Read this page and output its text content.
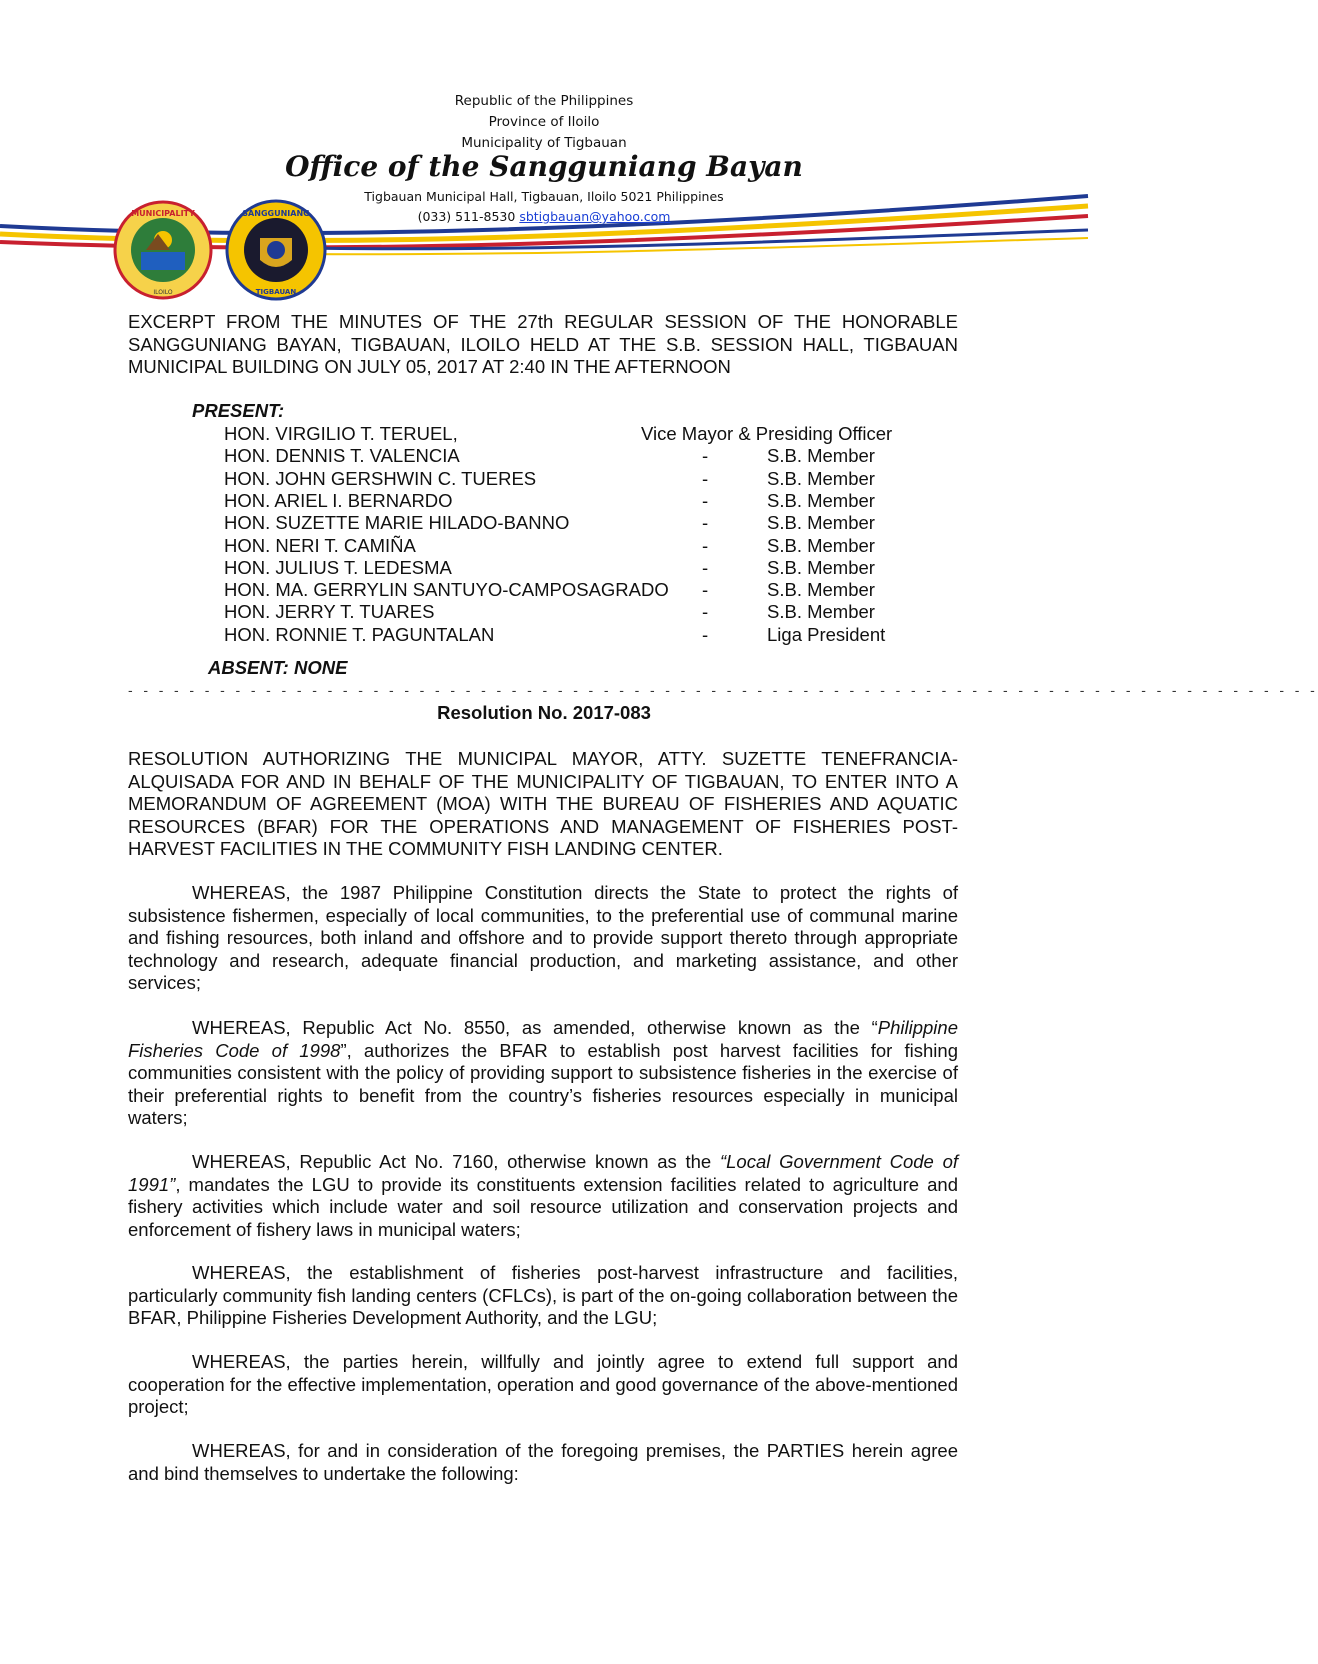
MUNICIPALITY
ILOILO
SANGGUNIANG
TIGBAUAN
Republic of the Philippines
Province of Iloilo
Municipality of Tigbauan
Office of the Sangguniang Bayan
Tigbauan Municipal Hall, Tigbauan, Iloilo 5021 Philippines
(033) 511-8530 sbtigbauan@yahoo.com

EXCERPT FROM THE MINUTES OF THE 27th REGULAR SESSION OF THE HONORABLE SANGGUNIANG BAYAN, TIGBAUAN, ILOILO HELD AT THE S.B. SESSION HALL, TIGBAUAN MUNICIPAL BUILDING ON JULY 05, 2017 AT 2:40 IN THE AFTERNOON

PRESENT:
HON. VIRGILIO T. TERUEL,	Vice Mayor & Presiding Officer
HON. DENNIS T. VALENCIA	-	S.B. Member
HON. JOHN GERSHWIN C. TUERES	-	S.B. Member
HON. ARIEL I. BERNARDO	-	S.B. Member
HON. SUZETTE MARIE HILADO-BANNO	-	S.B. Member
HON. NERI T. CAMIÑA	-	S.B. Member
HON. JULIUS T. LEDESMA	-	S.B. Member
HON. MA. GERRYLIN SANTUYO-CAMPOSAGRADO -	S.B. Member
HON. JERRY T. TUARES	-	S.B. Member
HON. RONNIE T. PAGUNTALAN	-	Liga President
ABSENT: NONE
- - - - - - - - - - - - - - - - - - - - - - - - - - - - - - - - - - - - - - - - - - - - - - - - - - - - - - - - - - - - - - - - - - - - - - - - - - - - - -
Resolution No. 2017-083

RESOLUTION AUTHORIZING THE MUNICIPAL MAYOR, ATTY. SUZETTE TENEFRANCIA-ALQUISADA FOR AND IN BEHALF OF THE MUNICIPALITY OF TIGBAUAN, TO ENTER INTO A MEMORANDUM OF AGREEMENT (MOA) WITH THE BUREAU OF FISHERIES AND AQUATIC RESOURCES (BFAR) FOR THE OPERATIONS AND MANAGEMENT OF FISHERIES POST-HARVEST FACILITIES IN THE COMMUNITY FISH LANDING CENTER.

WHEREAS, the 1987 Philippine Constitution directs the State to protect the rights of subsistence fishermen, especially of local communities, to the preferential use of communal marine and fishing resources, both inland and offshore and to provide support thereto through appropriate technology and research, adequate financial production, and marketing assistance, and other services;

WHEREAS, Republic Act No. 8550, as amended, otherwise known as the “Philippine Fisheries Code of 1998”, authorizes the BFAR to establish post harvest facilities for fishing communities consistent with the policy of providing support to subsistence fisheries in the exercise of their preferential rights to benefit from the country’s fisheries resources especially in municipal waters;

WHEREAS, Republic Act No. 7160, otherwise known as the “Local Government Code of 1991”, mandates the LGU to provide its constituents extension facilities related to agriculture and fishery activities which include water and soil resource utilization and conservation projects and enforcement of fishery laws in municipal waters;

WHEREAS, the establishment of fisheries post-harvest infrastructure and facilities, particularly community fish landing centers (CFLCs), is part of the on-going collaboration between the BFAR, Philippine Fisheries Development Authority, and the LGU;

WHEREAS, the parties herein, willfully and jointly agree to extend full support and cooperation for the effective implementation, operation and good governance of the above-mentioned project;

WHEREAS, for and in consideration of the foregoing premises, the PARTIES herein agree and bind themselves to undertake the following:
